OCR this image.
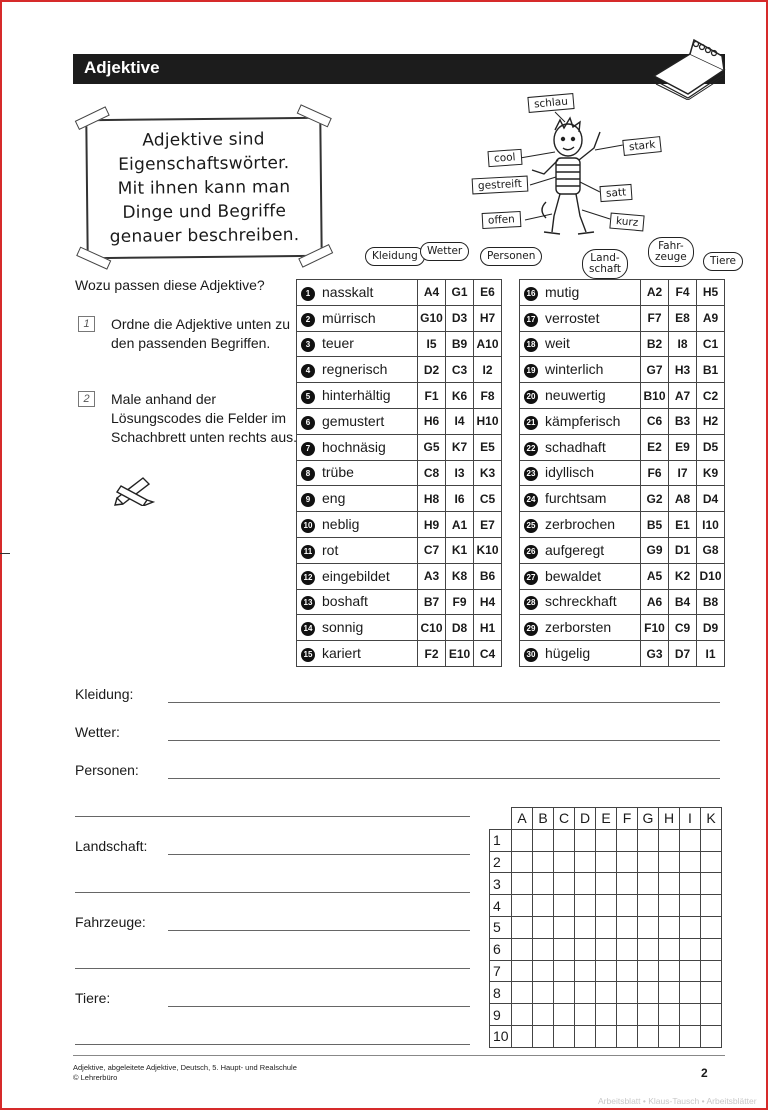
Adjektive
Adjektive sind
Eigenschaftswörter.
Mit ihnen kann man
Dinge und Begriffe
genauer beschreiben.
schlau
cool
stark
gestreift
satt
offen	kurz
Kleidung Wetter	Personen	Land-
schaft
Fahr-
zeuge	Tiere
Wozu passen diese Adjektive?
1	Ordne die Adjektive unten zu den passenden Begriffen.
2	Male anhand der Lösungscodes die Felder im Schachbrett unten rechts aus.
1 nasskalt	A4	G1	E6
2 mürrisch	G10	D3	H7
3 teuer	I5	B9	A10
4 regnerisch	D2	C3	I2
5 hinterhältig	F1	K6	F8
6 gemustert	H6	I4	H10
7 hochnäsig	G5	K7	E5
8 trübe	C8	I3	K3
9 eng	H8	I6	C5
10 neblig	H9	A1	E7
11 rot	C7	K1	K10
12 eingebildet	A3	K8	B6
13 boshaft	B7	F9	H4
14 sonnig	C10	D8	H1
15 kariert	F2	E10	C4
16 mutig	A2	F4	H5
17 verrostet	F7	E8	A9
18 weit	B2	I8	C1
19 winterlich	G7	H3	B1
20 neuwertig	B10	A7	C2
21 kämpferisch	C6	B3	H2
22 schadhaft	E2	E9	D5
23 idyllisch	F6	I7	K9
24 furchtsam	G2	A8	D4
25 zerbrochen	B5	E1	I10
26 aufgeregt	G9	D1	G8
27 bewaldet	A5	K2	D10
28 schreckhaft	A6	B4	B8
29 zerborsten	F10	C9	D9
30 hügelig	G3	D7	I1
Kleidung:
Wetter:
Personen:
Landschaft:
Fahrzeuge:
Tiere:
	A	B	C	D	E	F	G	H	I	K
1										
2										
3										
4										
5										
6										
7										
8										
9										
10										
Adjektive, abgeleitete Adjektive, Deutsch, 5. Haupt- und Realschule
© Lehrerbüro	2
Arbeitsblatt • Klaus-Tausch • Arbeitsblätter
